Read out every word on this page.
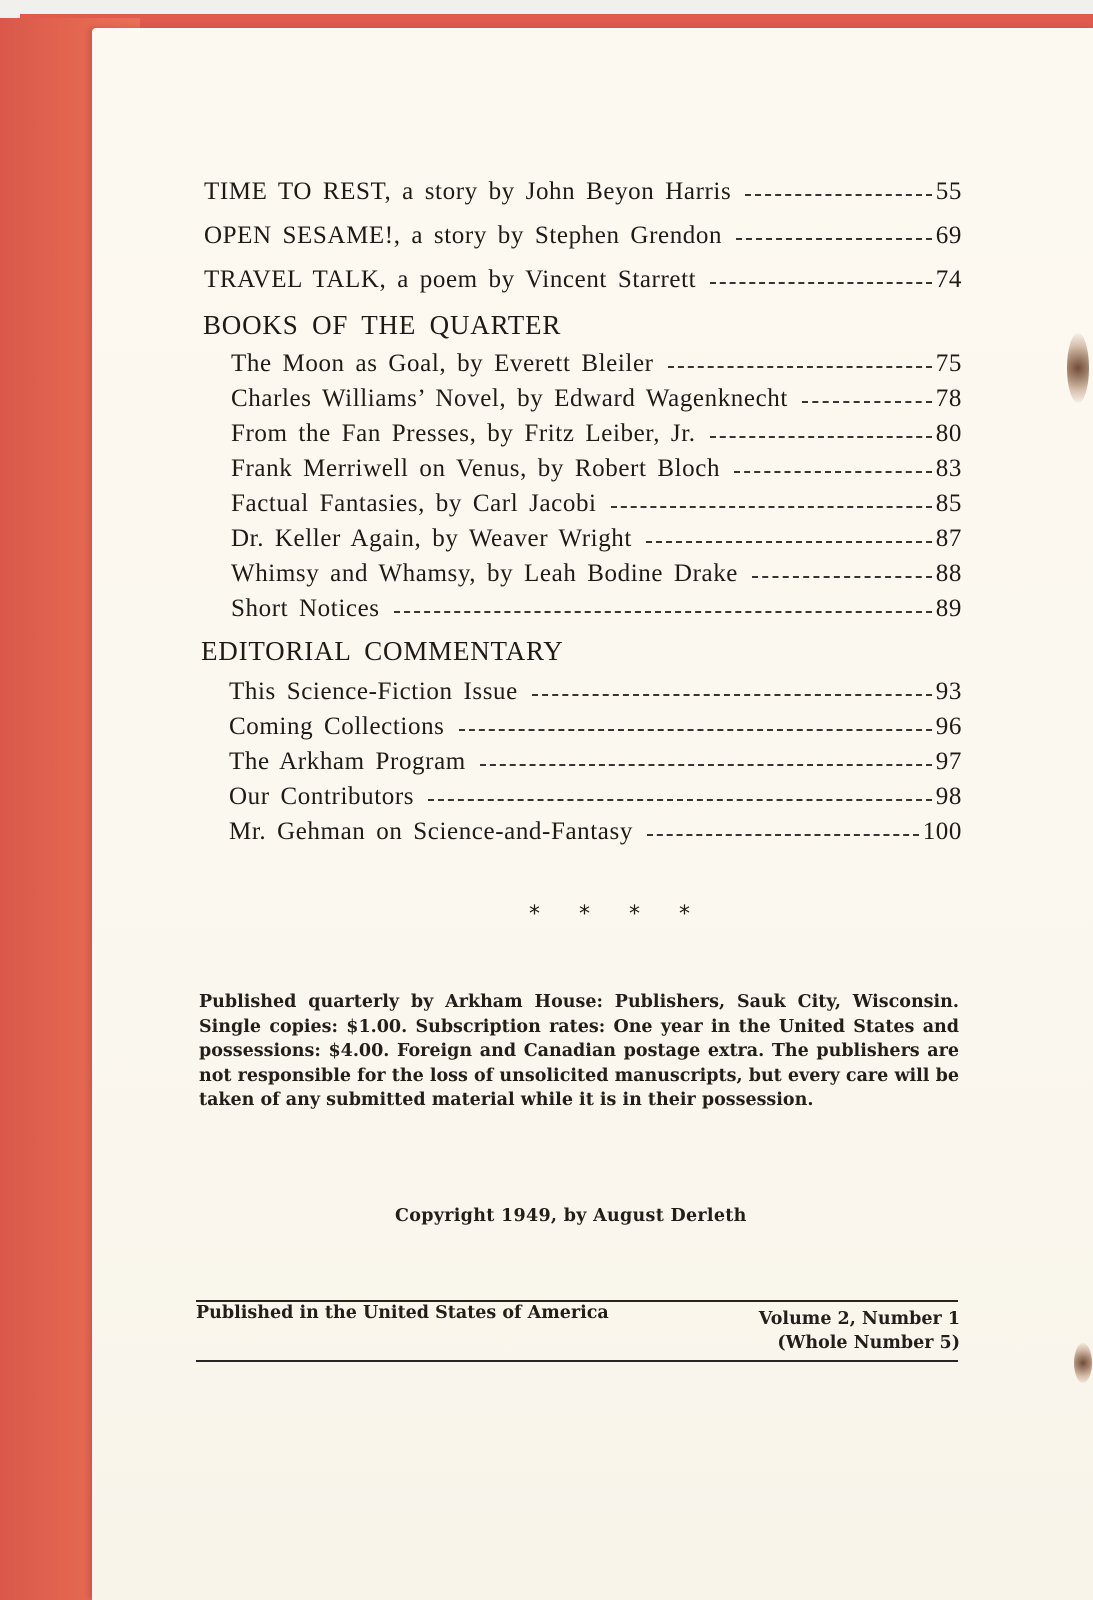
TIME TO REST, a story by John Beyon Harris	55
OPEN SESAME!, a story by Stephen Grendon	69
TRAVEL TALK, a poem by Vincent Starrett	74
BOOKS OF THE QUARTER
The Moon as Goal, by Everett Bleiler	75
Charles Williams’ Novel, by Edward Wagenknecht	78
From the Fan Presses, by Fritz Leiber, Jr.	80
Frank Merriwell on Venus, by Robert Bloch	83
Factual Fantasies, by Carl Jacobi	85
Dr. Keller Again, by Weaver Wright	87
Whimsy and Whamsy, by Leah Bodine Drake	88
Short Notices	89
EDITORIAL COMMENTARY
This Science-Fiction Issue	93
Coming Collections	96
The Arkham Program	97
Our Contributors	98
Mr. Gehman on Science-and-Fantasy	100
* * * *
Published quarterly by Arkham House: Publishers, Sauk City, Wisconsin. Single copies: $1.00. Subscription rates: One year in the United States and possessions: $4.00. Foreign and Canadian postage extra. The publishers are not responsible for the loss of unsolicited manuscripts, but every care will be taken of any submitted material while it is in their possession.
Copyright 1949, by August Derleth
Published in the United States of America	Volume 2, Number 1
(Whole Number 5)
